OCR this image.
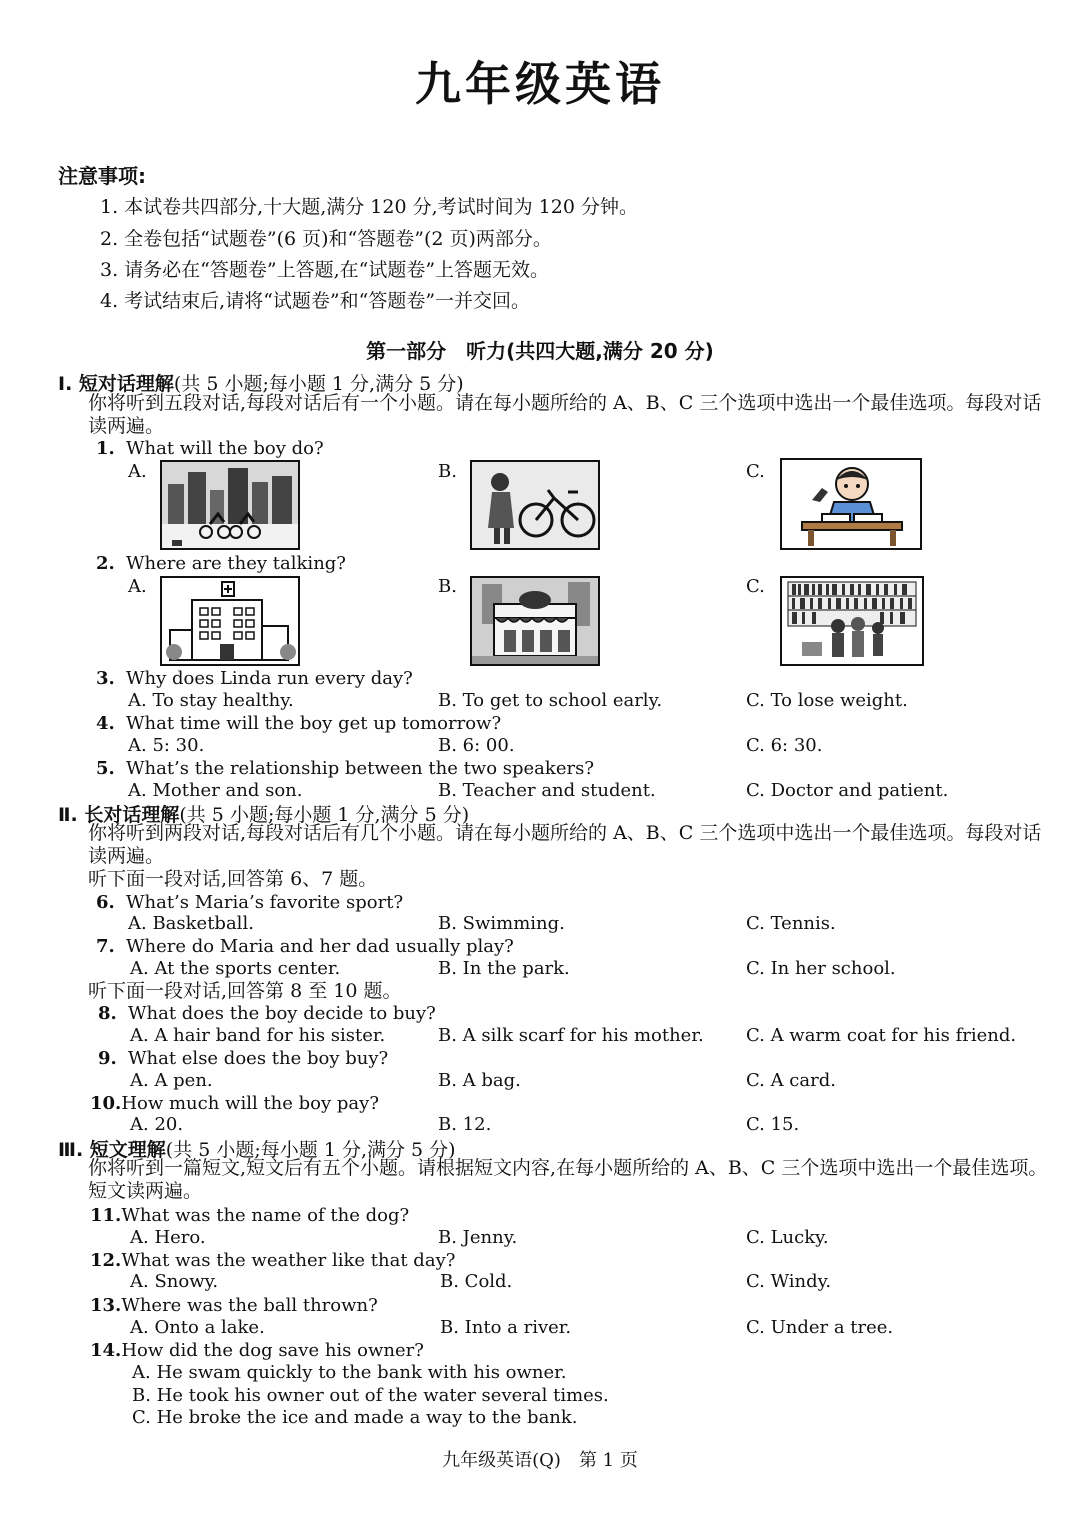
九年级英语
注意事项:
1. 本试卷共四部分,十大题,满分 120 分,考试时间为 120 分钟。
2. 全卷包括“试题卷”(6 页)和“答题卷”(2 页)两部分。
3. 请务必在“答题卷”上答题,在“试题卷”上答题无效。
4. 考试结束后,请将“试题卷”和“答题卷”一并交回。
第一部分　听力(共四大题,满分 20 分)
Ⅰ. 短对话理解(共 5 小题;每小题 1 分,满分 5 分)
你将听到五段对话,每段对话后有一个小题。请在每小题所给的 A、B、C 三个选项中选出一个最佳选项。每段对话读两遍。
1. What will the boy do?
A.	B.	C.
2. Where are they talking?
A.	B.	C.
3. Why does Linda run every day?
A. To stay healthy.	B. To get to school early.	C. To lose weight.
4. What time will the boy get up tomorrow?
A. 5: 30.	B. 6: 00.	C. 6: 30.
5. What’s the relationship between the two speakers?
A. Mother and son.	B. Teacher and student.	C. Doctor and patient.
Ⅱ. 长对话理解(共 5 小题;每小题 1 分,满分 5 分)
你将听到两段对话,每段对话后有几个小题。请在每小题所给的 A、B、C 三个选项中选出一个最佳选项。每段对话读两遍。
听下面一段对话,回答第 6、7 题。
6. What’s Maria’s favorite sport?
A. Basketball.	B. Swimming.	C. Tennis.
7. Where do Maria and her dad usually play?
A. At the sports center.	B. In the park.	C. In her school.
听下面一段对话,回答第 8 至 10 题。
8. What does the boy decide to buy?
A. A hair band for his sister.	B. A silk scarf for his mother. C. A warm coat for his friend.
9. What else does the boy buy?
A. A pen.	B. A bag.	C. A card.
10.How much will the boy pay?
A. 20.	B. 12.	C. 15.
Ⅲ. 短文理解(共 5 小题;每小题 1 分,满分 5 分)
你将听到一篇短文,短文后有五个小题。请根据短文内容,在每小题所给的 A、B、C 三个选项中选出一个最佳选项。短文读两遍。
11.What was the name of the dog?
A. Hero.	B. Jenny.	C. Lucky.
12.What was the weather like that day?
A. Snowy.	B. Cold.	C. Windy.
13.Where was the ball thrown?
A. Onto a lake.	B. Into a river.	C. Under a tree.
14.How did the dog save his owner?
A. He swam quickly to the bank with his owner.
B. He took his owner out of the water several times.
C. He broke the ice and made a way to the bank.
九年级英语(Q)　第 1 页
